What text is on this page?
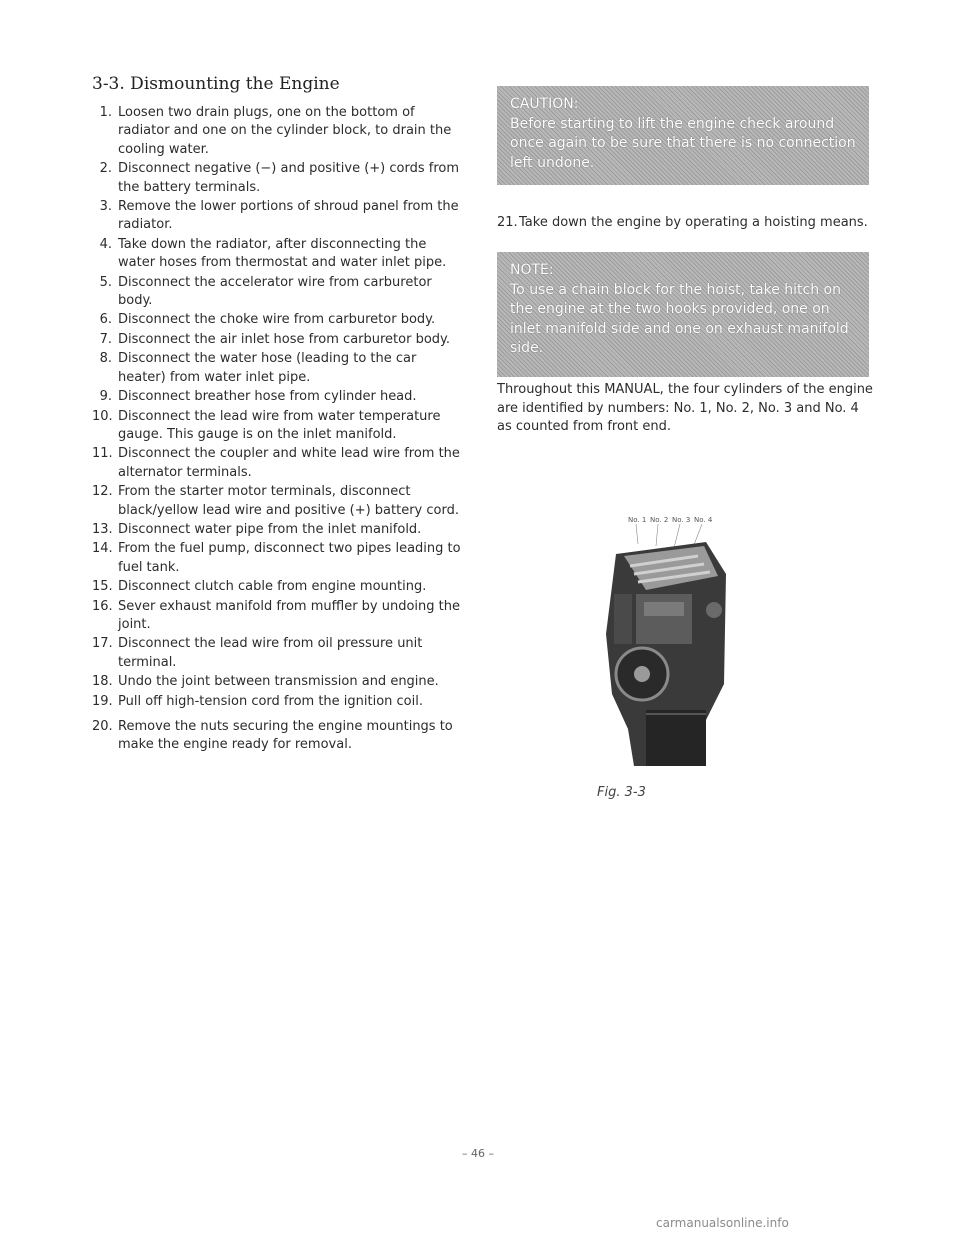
3-3. Dismounting the Engine
1. Loosen two drain plugs, one on the bottom of radiator and one on the cylinder block, to drain the cooling water.
2. Disconnect negative (−) and positive (+) cords from the battery terminals.
3. Remove the lower portions of shroud panel from the radiator.
4. Take down the radiator, after disconnecting the water hoses from thermostat and water inlet pipe.
5. Disconnect the accelerator wire from carburetor body.
6. Disconnect the choke wire from carburetor body.
7. Disconnect the air inlet hose from carburetor body.
8. Disconnect the water hose (leading to the car heater) from water inlet pipe.
9. Disconnect breather hose from cylinder head.
10. Disconnect the lead wire from water temperature gauge. This gauge is on the inlet manifold.
11. Disconnect the coupler and white lead wire from the alternator terminals.
12. From the starter motor terminals, disconnect black/yellow lead wire and positive (+) battery cord.
13. Disconnect water pipe from the inlet manifold.
14. From the fuel pump, disconnect two pipes leading to fuel tank.
15. Disconnect clutch cable from engine mounting.
16. Sever exhaust manifold from muffler by undoing the joint.
17. Disconnect the lead wire from oil pressure unit terminal.
18. Undo the joint between transmission and engine.
19. Pull off high-tension cord from the ignition coil.
20. Remove the nuts securing the engine mountings to make the engine ready for removal.
CAUTION:
Before starting to lift the engine check around once again to be sure that there is no connection left undone.
21. Take down the engine by operating a hoisting means.
NOTE:
To use a chain block for the hoist, take hitch on the engine at the two hooks provided, one on inlet manifold side and one on exhaust manifold side.
Throughout this MANUAL, the four cylinders of the engine are identified by numbers: No. 1, No. 2, No. 3 and No. 4 as counted from front end.
No. 1 No. 2 No. 3 No. 4
Fig. 3-3
– 46 –
carmanualsonline.info
